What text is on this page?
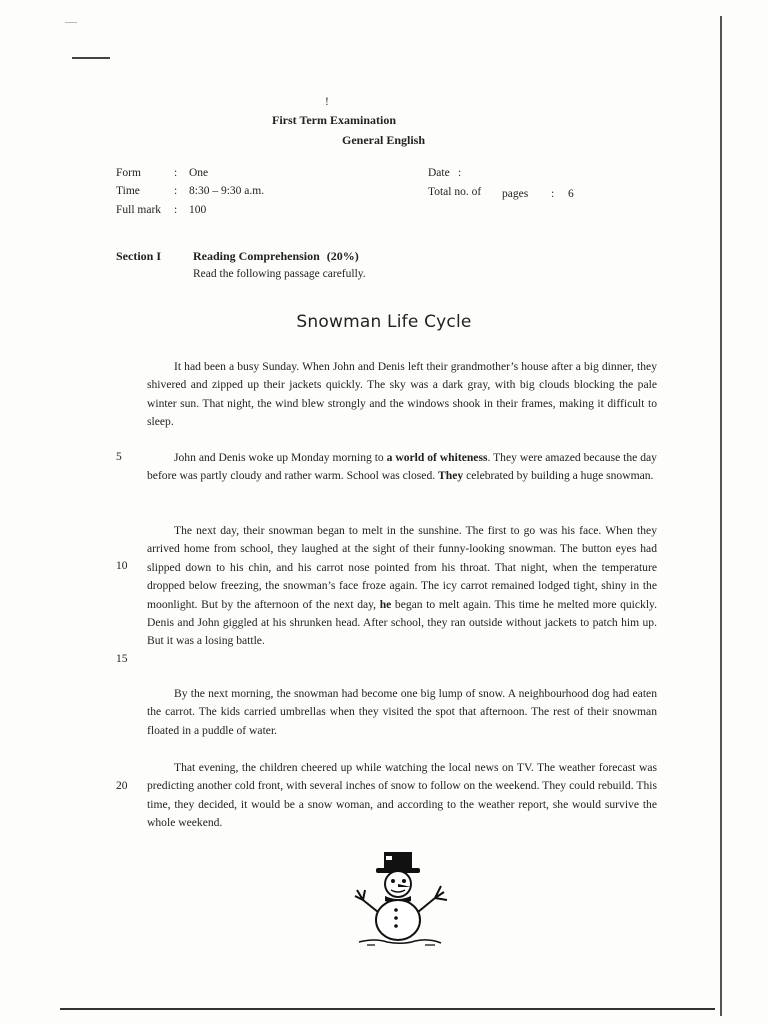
!
First Term Examination
General English
Form	: One
Time	: 8:30 – 9:30 a.m.
Full mark : 100
Date :
Total no. of pages : 6
Section I	Reading Comprehension (20%)
Read the following passage carefully.
Snowman Life Cycle

It had been a busy Sunday. When John and Denis left their grandmother’s house after a big dinner, they shivered and zipped up their jackets quickly. The sky was a dark gray, with big clouds blocking the pale winter sun. That night, the wind blew strongly and the windows shook in their frames, making it difficult to sleep.

John and Denis woke up Monday morning to a world of whiteness. They were amazed because the day before was partly cloudy and rather warm. School was closed. They celebrated by building a huge snowman.

The next day, their snowman began to melt in the sunshine. The first to go was his face. When they arrived home from school, they laughed at the sight of their funny-looking snowman. The button eyes had slipped down to his chin, and his carrot nose pointed from his throat. That night, when the temperature dropped below freezing, the snowman’s face froze again. The icy carrot remained lodged tight, shiny in the moonlight. But by the afternoon of the next day, he began to melt again. This time he melted more quickly. Denis and John giggled at his shrunken head. After school, they ran outside without jackets to patch him up. But it was a losing battle.

By the next morning, the snowman had become one big lump of snow. A neighbourhood dog had eaten the carrot. The kids carried umbrellas when they visited the spot that afternoon. The rest of their snowman floated in a puddle of water.

That evening, the children cheered up while watching the local news on TV. The weather forecast was predicting another cold front, with several inches of snow to follow on the weekend. They could rebuild. This time, they decided, it would be a snow woman, and according to the weather report, she would survive the whole weekend.

5
10
15
20
